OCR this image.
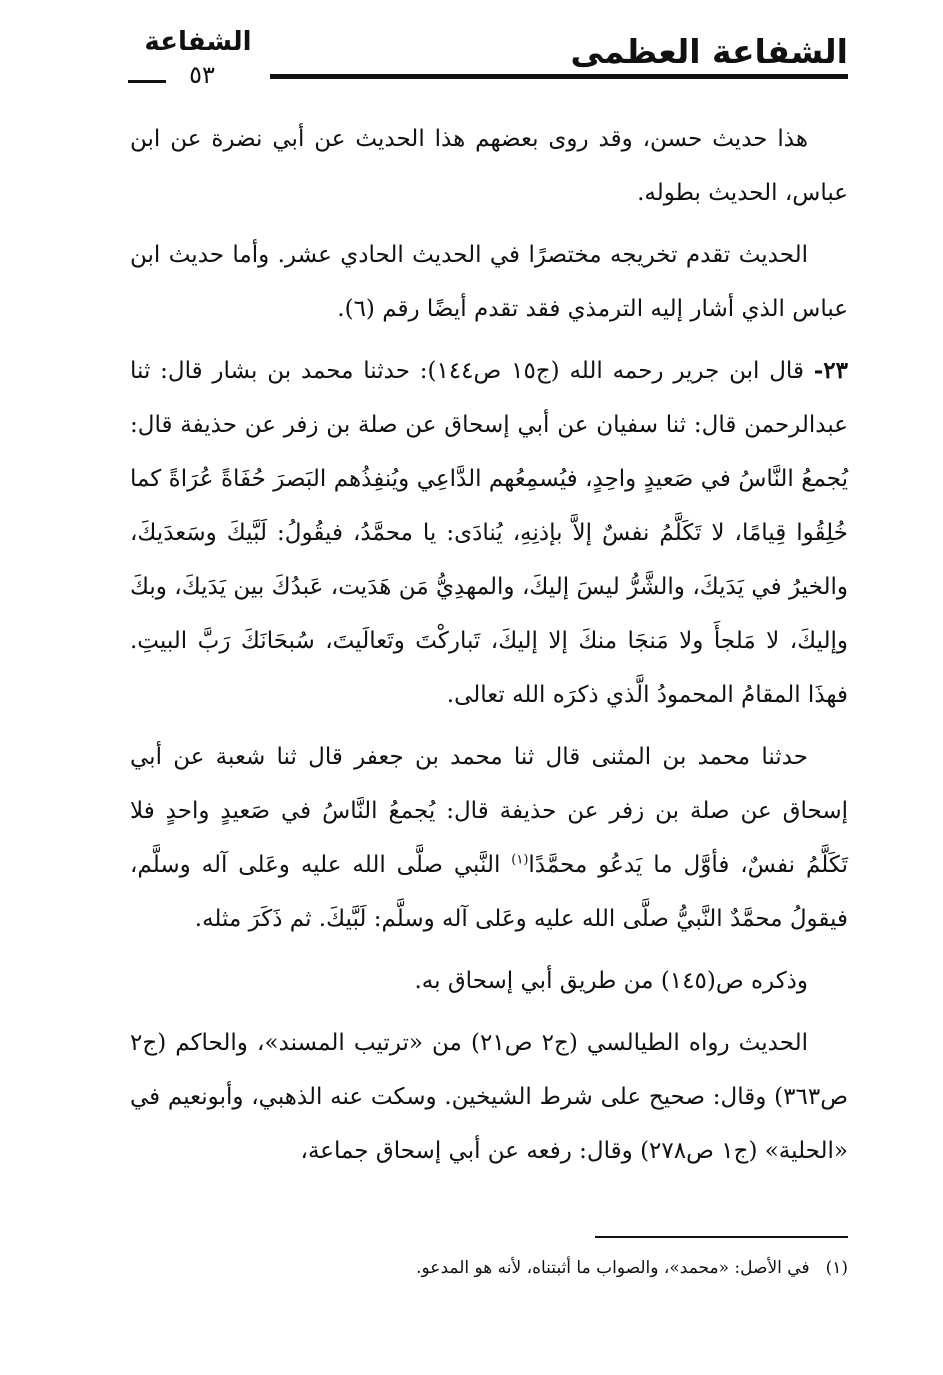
الشفاعة العظمى
الشفاعة
٥٣

هذا حديث حسن، وقد روى بعضهم هذا الحديث عن أبي نضرة عن ابن عباس، الحديث بطوله.

الحديث تقدم تخريجه مختصرًا في الحديث الحادي عشر. وأما حديث ابن عباس الذي أشار إليه الترمذي فقد تقدم أيضًا رقم (٦).

٢٣- قال ابن جرير رحمه الله (ج١٥ ص١٤٤): حدثنا محمد بن بشار قال: ثنا عبدالرحمن قال: ثنا سفيان عن أبي إسحاق عن صلة بن زفر عن حذيفة قال: يُجمعُ النَّاسُ في صَعيدٍ واحِدٍ، فيُسمِعُهم الدَّاعِي ويُنفِذُهم البَصرَ حُفَاةً عُرَاةً كما خُلِقُوا قِيامًا، لا تَكَلَّمُ نفسٌ إلاَّ بإذنِهِ، يُنادَى: يا محمَّدُ، فيقُولُ: لَبَّيكَ وسَعدَيكَ، والخيرُ في يَدَيكَ، والشَّرُّ ليسَ إليكَ، والمهدِيُّ مَن هَدَيت، عَبدُكَ بين يَدَيكَ، وبكَ وإليكَ، لا مَلجأَ ولا مَنجَا منكَ إلا إليكَ، تَباركْتَ وتَعالَيتَ، سُبحَانَكَ رَبَّ البيتِ. فهذَا المقامُ المحمودُ الَّذي ذكرَه الله تعالى.

حدثنا محمد بن المثنى قال ثنا محمد بن جعفر قال ثنا شعبة عن أبي إسحاق عن صلة بن زفر عن حذيفة قال: يُجمعُ النَّاسُ في صَعيدٍ واحدٍ فلا تَكَلَّمُ نفسٌ، فأوَّل ما يَدعُو محمَّدًا$^{(١)}$ النَّبي صلَّى الله عليه وعَلى آله وسلَّم، فيقولُ محمَّدٌ النَّبيُّ صلَّى الله عليه وعَلى آله وسلَّم: لَبَّيكَ. ثم ذَكَرَ مثله.

وذكره ص(١٤٥) من طريق أبي إسحاق به.

الحديث رواه الطيالسي (ج٢ ص٢١) من «ترتيب المسند»، والحاكم (ج٢ ص٣٦٣) وقال: صحيح على شرط الشيخين. وسكت عنه الذهبي، وأبونعيم في «الحلية» (ج١ ص٢٧٨) وقال: رفعه عن أبي إسحاق جماعة،

(١)في الأصل: «محمد»، والصواب ما أثبتناه، لأنه هو المدعو.
